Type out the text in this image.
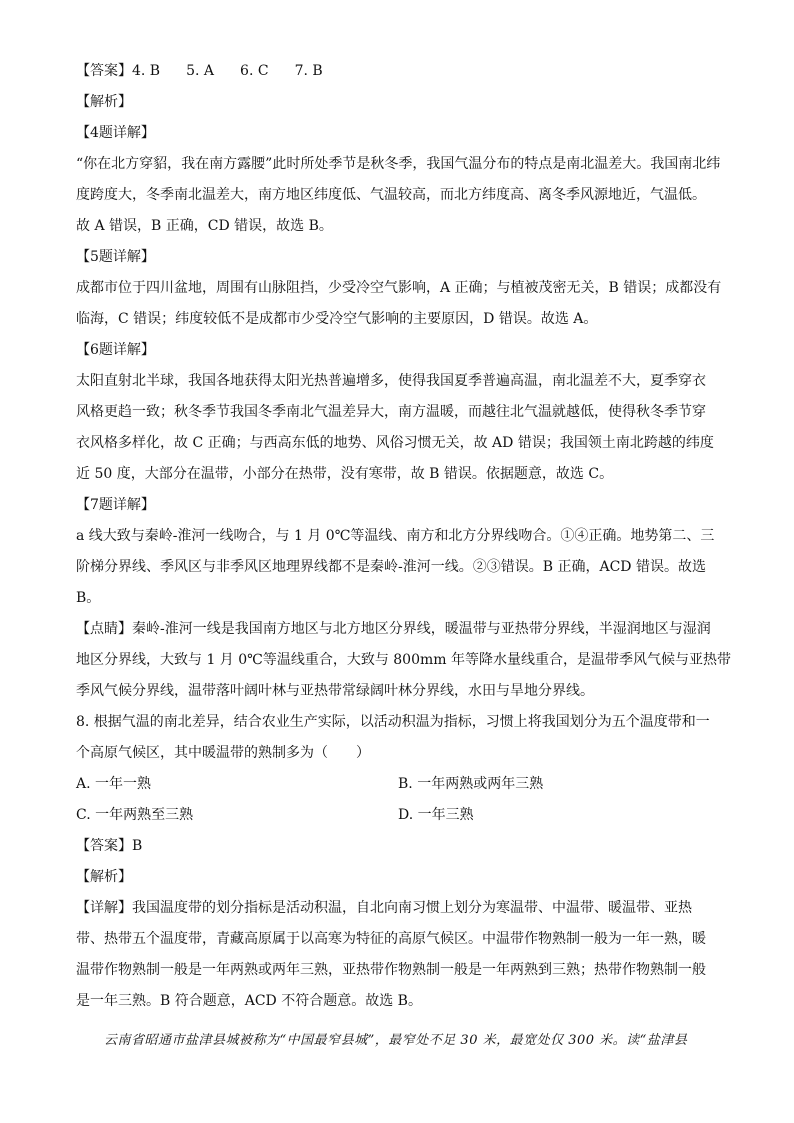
【答案】4. B 5. A 6. C 7. B
【解析】
【4题详解】
“你在北方穿貂，我在南方露腰”此时所处季节是秋冬季，我国气温分布的特点是南北温差大。我国南北纬
度跨度大，冬季南北温差大，南方地区纬度低、气温较高，而北方纬度高、离冬季风源地近，气温低。
故 A 错误，B 正确，CD 错误，故选 B。
【5题详解】
成都市位于四川盆地，周围有山脉阻挡，少受冷空气影响，A 正确；与植被茂密无关，B 错误；成都没有
临海，C 错误；纬度较低不是成都市少受冷空气影响的主要原因，D 错误。故选 A。
【6题详解】
太阳直射北半球，我国各地获得太阳光热普遍增多，使得我国夏季普遍高温，南北温差不大，夏季穿衣
风格更趋一致；秋冬季节我国冬季南北气温差异大，南方温暖，而越往北气温就越低，使得秋冬季节穿
衣风格多样化，故 C 正确；与西高东低的地势、风俗习惯无关，故 AD 错误；我国领土南北跨越的纬度
近 50 度，大部分在温带，小部分在热带，没有寒带，故 B 错误。依据题意，故选 C。
【7题详解】
a 线大致与秦岭-淮河一线吻合，与 1 月 0℃等温线、南方和北方分界线吻合。①④正确。地势第二、三
阶梯分界线、季风区与非季风区地理界线都不是秦岭-淮河一线。②③错误。B 正确，ACD 错误。故选
B。
【点睛】秦岭-淮河一线是我国南方地区与北方地区分界线，暖温带与亚热带分界线，半湿润地区与湿润
地区分界线，大致与 1 月 0℃等温线重合，大致与 800mm 年等降水量线重合，是温带季风气候与亚热带
季风气候分界线，温带落叶阔叶林与亚热带常绿阔叶林分界线，水田与旱地分界线。
8. 根据气温的南北差异，结合农业生产实际，以活动积温为指标，习惯上将我国划分为五个温度带和一
个高原气候区，其中暖温带的熟制多为（　　）
A. 一年一熟	B. 一年两熟或两年三熟
C. 一年两熟至三熟	D. 一年三熟
【答案】B
【解析】
【详解】我国温度带的划分指标是活动积温，自北向南习惯上划分为寒温带、中温带、暖温带、亚热
带、热带五个温度带，青藏高原属于以高寒为特征的高原气候区。中温带作物熟制一般为一年一熟，暖
温带作物熟制一般是一年两熟或两年三熟，亚热带作物熟制一般是一年两熟到三熟；热带作物熟制一般
是一年三熟。B 符合题意，ACD 不符合题意。故选 B。
云南省昭通市盐津县城被称为“中国最窄县城”，最窄处不足 30 米，最宽处仅 300 米。读“盐津县
